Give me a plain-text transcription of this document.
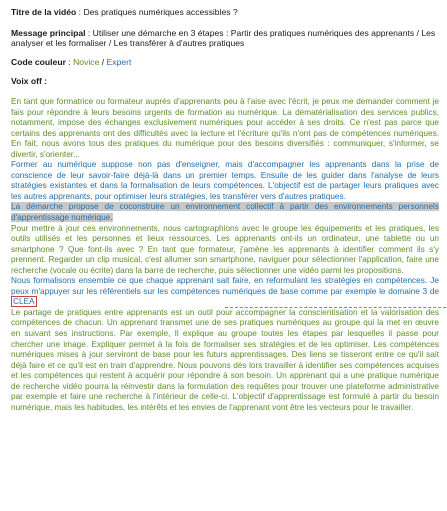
Titre de la vidéo : Des pratiques numériques accessibles ?
Message principal : Utiliser une démarche en 3 étapes : Partir des pratiques numériques des apprenants / Les analyser et les formaliser / Les transférer à d'autres pratiques
Code couleur : Novice / Expert
Voix off :

En tant que formatrice ou formateur auprès d'apprenants peu à l'aise avec l'écrit, je peux me demander comment je fais pour répondre à leurs besoins urgents de formation au numérique. La dématérialisation des services publics, notamment, impose des échanges exclusivement numériques pour accéder à ses droits. Ce n'est pas parce que certains des apprenants ont des difficultés avec la lecture et l'écriture qu'ils n'ont pas de compétences numériques. En fait, nous avons tous des pratiques du numérique pour des besoins diversifiés : communiquer, s'informer, se divertir, s'orienter...

Former au numérique suppose non pas d'enseigner, mais d'accompagner les apprenants dans la prise de conscience de leur savoir-faire déjà-là dans un premier temps. Ensuite de les guider dans l'analyse de leurs stratégies existantes et dans la formalisation de leurs compétences. L'objectif est de partager leurs pratiques avec les autres apprenants, pour optimiser leurs stratégies, les transférer vers d'autres pratiques.

La démarche propose de coconstruire un environnement collectif à partir des environnements personnels d'apprentissage numérique.

Pour mettre à jour ces environnements, nous cartographions avec le groupe les équipements et les pratiques, les outils utilisés et les personnes et lieux ressources. Les apprenants ont-ils un ordinateur, une tablette ou un smartphone ? Que font-ils avec ? En tant que formateur, j'amène les apprenants à identifier comment ils s'y prennent. Regarder un clip musical, c'est allumer son smartphone, naviguer pour sélectionner l'application, faire une recherche (vocale ou écrite) dans la barre de recherche, puis sélectionner une vidéo parmi les propositions.

Nous formalisons ensemble ce que chaque apprenant sait faire, en reformulant les stratégies en compétences. Je peux m'appuyer sur les référentiels sur les compétences numériques de base comme par exemple le domaine 3 de CLEA

Le partage de pratiques entre apprenants est un outil pour accompagner la conscientisation et la valorisation des compétences de chacun. Un apprenant transmet une de ses pratiques numériques au groupe qui la met en œuvre en suivant ses instructions. Par exemple, Il explique au groupe toutes les étapes par lesquelles il passe pour chercher une image. Expliquer permet à la fois de formaliser ses stratégies et de les optimiser. Les compétences numériques mises à jour serviront de base pour les futurs apprentissages. Des liens se tisseront entre ce qu'il sait déjà faire et ce qu'il est en train d'apprendre. Nous pouvons dès lors travailler à identifier ses compétences acquises et les compétences qui restent à acquérir pour répondre à son besoin. Un apprenant qui a une pratique numérique de recherche vidéo pourra la réinvestir dans la formulation des requêtes pour trouver une plateforme administrative par exemple et faire une recherche à l'intérieur de celle-ci. L'objectif d'apprentissage est formulé à partir du besoin numérique, mais les habitudes, les intérêts et les envies de l'apprenant vont être les vecteurs pour le travailler.
